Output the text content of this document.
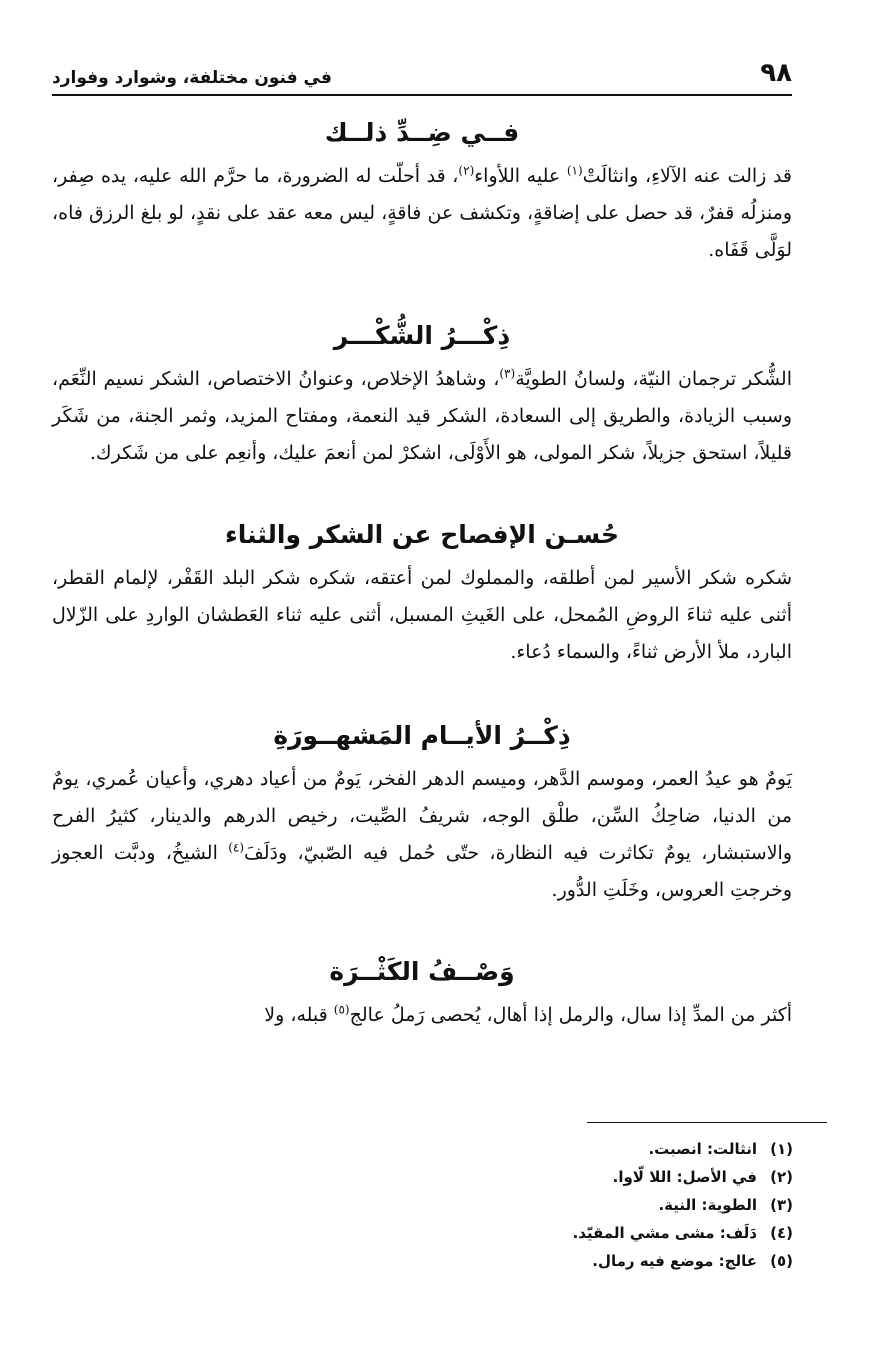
٩٨
في فنون مختلفة، وشوارد وفوارد
فــي ضِــدِّ ذلــك

قد زالت عنه الآلاءِ، وانثالَتْ$^{(١)}$ عليه اللأواء$^{(٢)}$، قد أحلّت له الضرورة، ما حرَّم الله عليه، يده صِفر، ومنزلُه قفرٌ، قد حصل على إضاقةٍ، وتكشف عن فاقةٍ، ليس معه عقد على نقدٍ، لو بلغ الرزق فاه، لوَلَّى قَفَاه.

ذِكْـــرُ الشُّكْـــر

الشُّكر ترجمان النيّة، ولسانُ الطويَّة$^{(٣)}$، وشاهدُ الإخلاص، وعنوانُ الاختصاص، الشكر نسيم النِّعَم، وسبب الزيادة، والطريق إلى السعادة، الشكر قيد النعمة، ومفتاح المزيد، وثمر الجنة، من شَكَر قليلاً، استحق جزيلاً، شكر المولى، هو الأَوْلَى، اشكرْ لمن أنعمَ عليك، وأنعِم على من شَكرك.

حُسـن الإفصاح عن الشكر والثناء

شكره شكر الأسير لمن أطلقه، والمملوك لمن أعتقه، شكره شكر البلد القَفْر، لإلمام القطر، أثنى عليه ثناءَ الروضِ المُمحل، على الغَيثِ المسبل، أثنى عليه ثناء العَطشان الواردِ على الزّلال البارد، ملأ الأرض ثناءً، والسماء دُعاء.

ذِكْــرُ الأيــام المَشهــورَةِ

يَومٌ هو عيدُ العمر، وموسم الدَّهر، وميسم الدهر الفخر، يَومٌ من أعياد دهري، وأعيان عُمري، يومٌ من الدنيا، ضاحِكُ السِّن، طلْق الوجه، شريفُ الصِّيت، رخيص الدرهم والدينار، كثيرُ الفرح والاستبشار، يومٌ تكاثرت فيه النظارة، حتّى حُمل فيه الصّبيّ، ودَلَفَ$^{(٤)}$ الشيخُ، ودبَّت العجوز وخرجتِ العروس، وخَلَتِ الدُّور.

وَصْــفُ الكَثْــرَة

أكثر من المدِّ إذا سال، والرمل إذا أهال، يُحصى رَملُ عالج$^{(٥)}$ قبله، ولا

(١)انثالت: انصبت.
(٢)في الأصل: اللا لّاوا.
(٣)الطوية: النية.
(٤)دَلَف: مشى مشي المقيّد.
(٥)عالج: موضع فيه رمال.
